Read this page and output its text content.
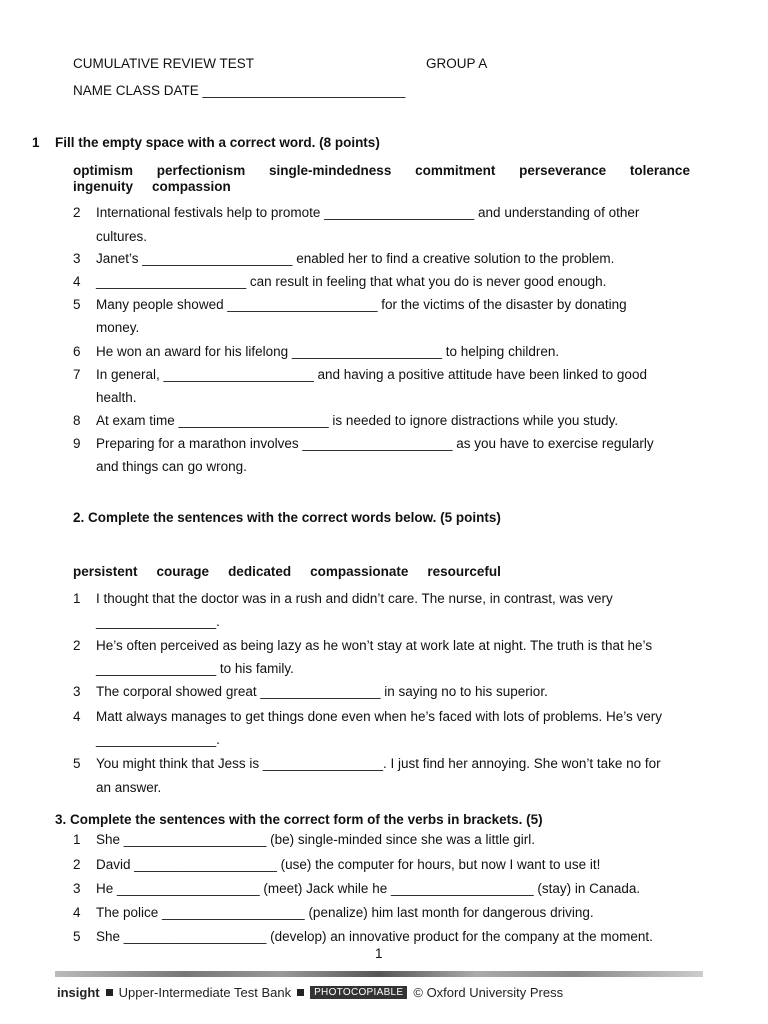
CUMULATIVE REVIEW TEST	GROUP A
NAME CLASS DATE ___________________________
1 Fill the empty space with a correct word. (8 points)
optimism perfectionism single-mindedness commitment perseverance tolerance
ingenuity compassion
2	International festivals help to promote ____________________ and understanding of other
cultures.
3	Janet’s ____________________ enabled her to find a creative solution to the problem.
4	____________________ can result in feeling that what you do is never good enough.
5	Many people showed ____________________ for the victims of the disaster by donating
money.
6	He won an award for his lifelong ____________________ to helping children.
7	In general, ____________________ and having a positive attitude have been linked to good
health.
8	At exam time ____________________ is needed to ignore distractions while you study.
9	Preparing for a marathon involves ____________________ as you have to exercise regularly
and things can go wrong.
2. Complete the sentences with the correct words below. (5 points)
persistent courage dedicated compassionate resourceful
1	I thought that the doctor was in a rush and didn’t care. The nurse, in contrast, was very
________________.
2	He’s often perceived as being lazy as he won’t stay at work late at night. The truth is that he’s
________________ to his family.
3	The corporal showed great ________________ in saying no to his superior.
4	Matt always manages to get things done even when he’s faced with lots of problems. He’s very
________________.
5	You might think that Jess is ________________. I just find her annoying. She won’t take no for
an answer.
3. Complete the sentences with the correct form of the verbs in brackets. (5)
1	She ___________________ (be) single-minded since she was a little girl.
2	David ___________________ (use) the computer for hours, but now I want to use it!
3	He ___________________ (meet) Jack while he ___________________ (stay) in Canada.
4	The police ___________________ (penalize) him last month for dangerous driving.
5	She ___________________ (develop) an innovative product for the company at the moment.
1
insight Upper-Intermediate Test Bank	PHOTOCOPIABLE © Oxford University Press
